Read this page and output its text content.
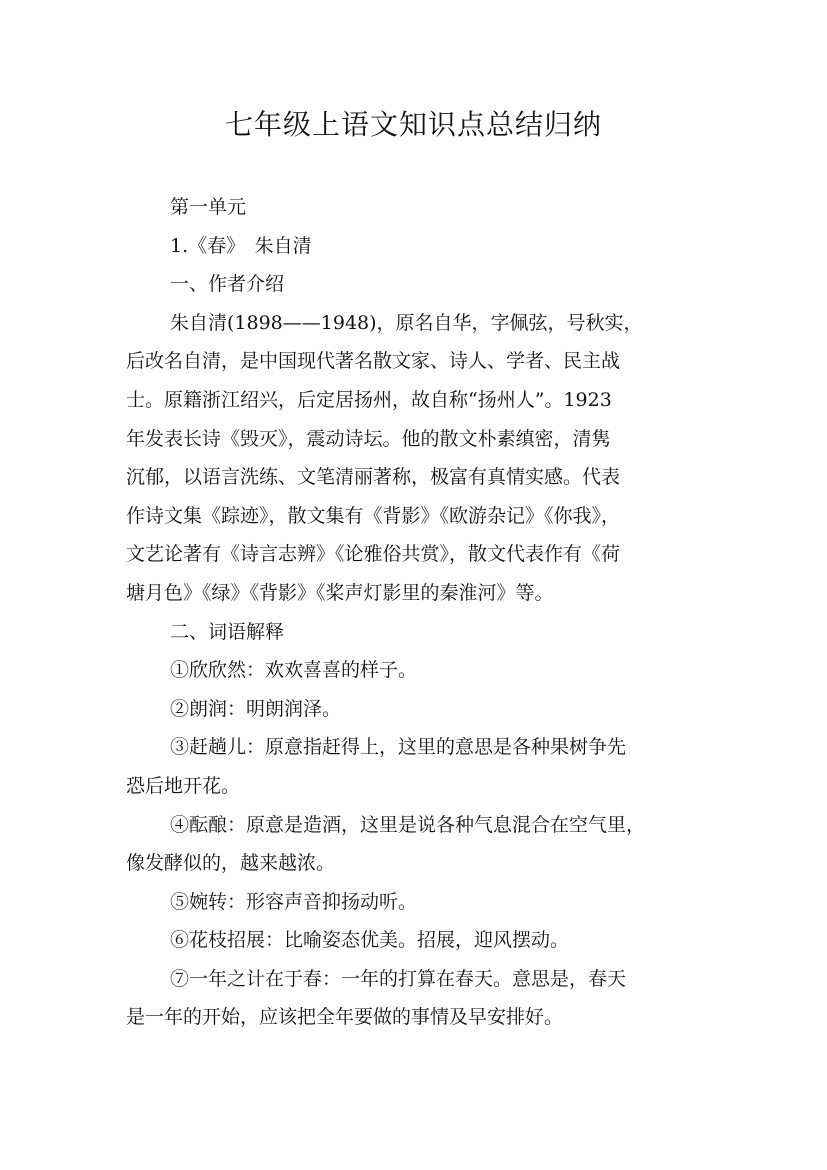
七年级上语文知识点总结归纳

第一单元

1.《春》　朱自清

一、作者介绍

朱自清(1898——1948)，原名自华，字佩弦，号秋实，

后改名自清，是中国现代著名散文家、诗人、学者、民主战

士。原籍浙江绍兴，后定居扬州，故自称“扬州人”。1923

年发表长诗《毁灭》，震动诗坛。他的散文朴素缜密，清隽

沉郁，以语言洗练、文笔清丽著称，极富有真情实感。代表

作诗文集《踪迹》，散文集有《背影》《欧游杂记》《你我》，

文艺论著有《诗言志辨》《论雅俗共赏》，散文代表作有《荷

塘月色》《绿》《背影》《桨声灯影里的秦淮河》等。

二、词语解释

①欣欣然：欢欢喜喜的样子。

②朗润：明朗润泽。

③赶趟儿：原意指赶得上，这里的意思是各种果树争先

恐后地开花。

④酝酿：原意是造酒，这里是说各种气息混合在空气里，

像发酵似的，越来越浓。

⑤婉转：形容声音抑扬动听。

⑥花枝招展：比喻姿态优美。招展，迎风摆动。

⑦一年之计在于春：一年的打算在春天。意思是，春天

是一年的开始，应该把全年要做的事情及早安排好。
